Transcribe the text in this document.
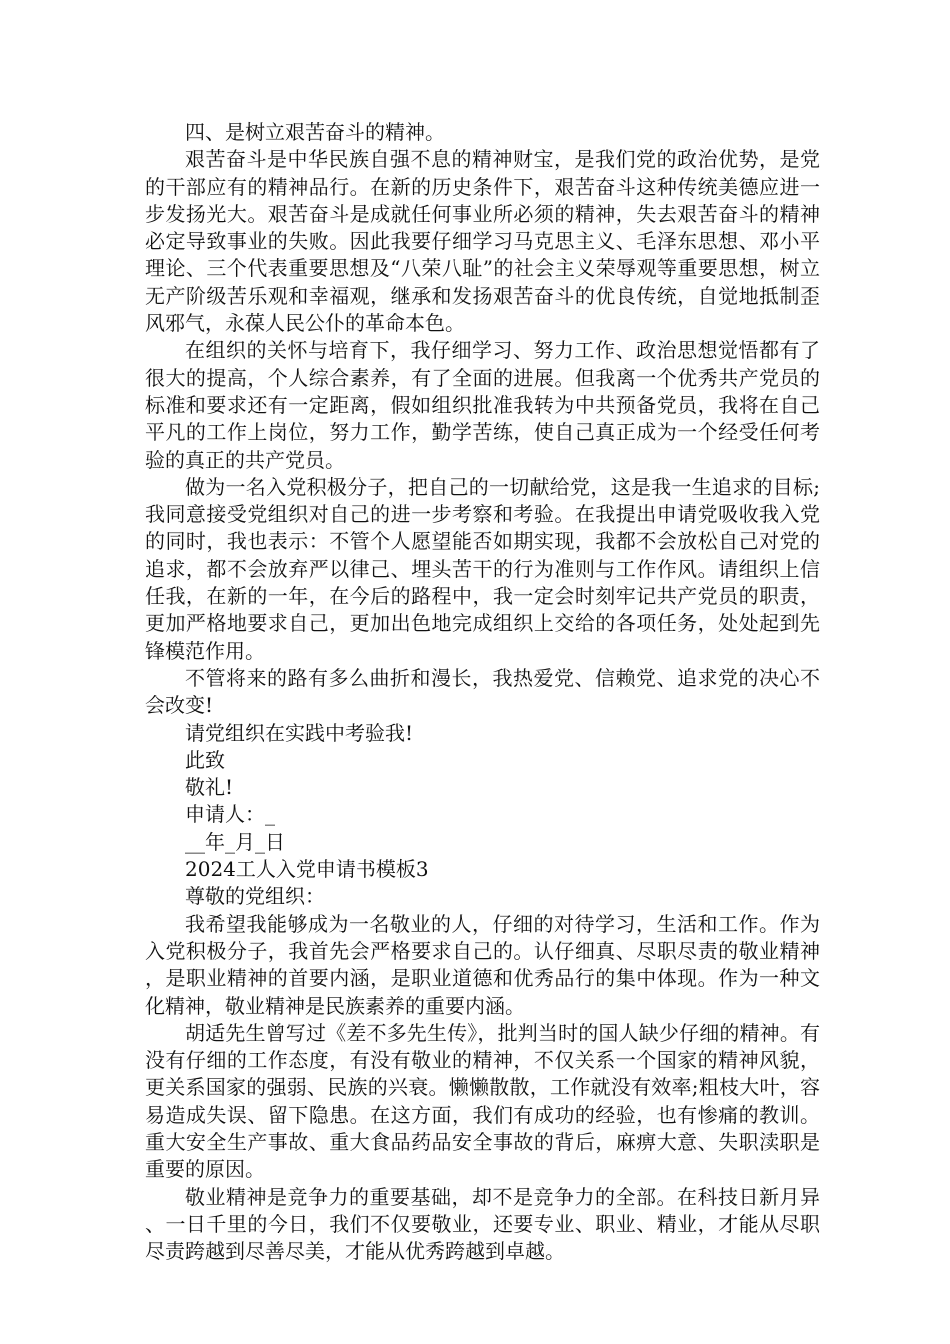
四、是树立艰苦奋斗的精神。

艰苦奋斗是中华民族自强不息的精神财宝，是我们党的政治优势，是党的干部应有的精神品行。在新的历史条件下，艰苦奋斗这种传统美德应进一步发扬光大。艰苦奋斗是成就任何事业所必须的精神，失去艰苦奋斗的精神必定导致事业的失败。因此我要仔细学习马克思主义、毛泽东思想、邓小平理论、三个代表重要思想及“八荣八耻”的社会主义荣辱观等重要思想，树立无产阶级苦乐观和幸福观，继承和发扬艰苦奋斗的优良传统，自觉地抵制歪风邪气，永葆人民公仆的革命本色。

在组织的关怀与培育下，我仔细学习、努力工作、政治思想觉悟都有了很大的提高，个人综合素养，有了全面的进展。但我离一个优秀共产党员的标准和要求还有一定距离，假如组织批准我转为中共预备党员，我将在自己平凡的工作上岗位，努力工作，勤学苦练，使自己真正成为一个经受任何考验的真正的共产党员。

做为一名入党积极分子，把自己的一切献给党，这是我一生追求的目标;我同意接受党组织对自己的进一步考察和考验。在我提出申请党吸收我入党的同时，我也表示：不管个人愿望能否如期实现，我都不会放松自己对党的追求，都不会放弃严以律己、埋头苦干的行为准则与工作作风。请组织上信任我，在新的一年，在今后的路程中，我一定会时刻牢记共产党员的职责，更加严格地要求自己，更加出色地完成组织上交给的各项任务，处处起到先锋模范作用。

不管将来的路有多么曲折和漫长，我热爱党、信赖党、追求党的决心不会改变!

请党组织在实践中考验我!

此致

敬礼!

申请人：_

__年_月_日

2024工人入党申请书模板3

尊敬的党组织：

我希望我能够成为一名敬业的人，仔细的对待学习，生活和工作。作为入党积极分子，我首先会严格要求自己的。认仔细真、尽职尽责的敬业精神，是职业精神的首要内涵，是职业道德和优秀品行的集中体现。作为一种文化精神，敬业精神是民族素养的重要内涵。

胡适先生曾写过《差不多先生传》，批判当时的国人缺少仔细的精神。有没有仔细的工作态度，有没有敬业的精神，不仅关系一个国家的精神风貌，更关系国家的强弱、民族的兴衰。懒懒散散，工作就没有效率;粗枝大叶，容易造成失误、留下隐患。在这方面，我们有成功的经验，也有惨痛的教训。重大安全生产事故、重大食品药品安全事故的背后，麻痹大意、失职渎职是重要的原因。

敬业精神是竞争力的重要基础，却不是竞争力的全部。在科技日新月异、一日千里的今日，我们不仅要敬业，还要专业、职业、精业，才能从尽职尽责跨越到尽善尽美，才能从优秀跨越到卓越。
